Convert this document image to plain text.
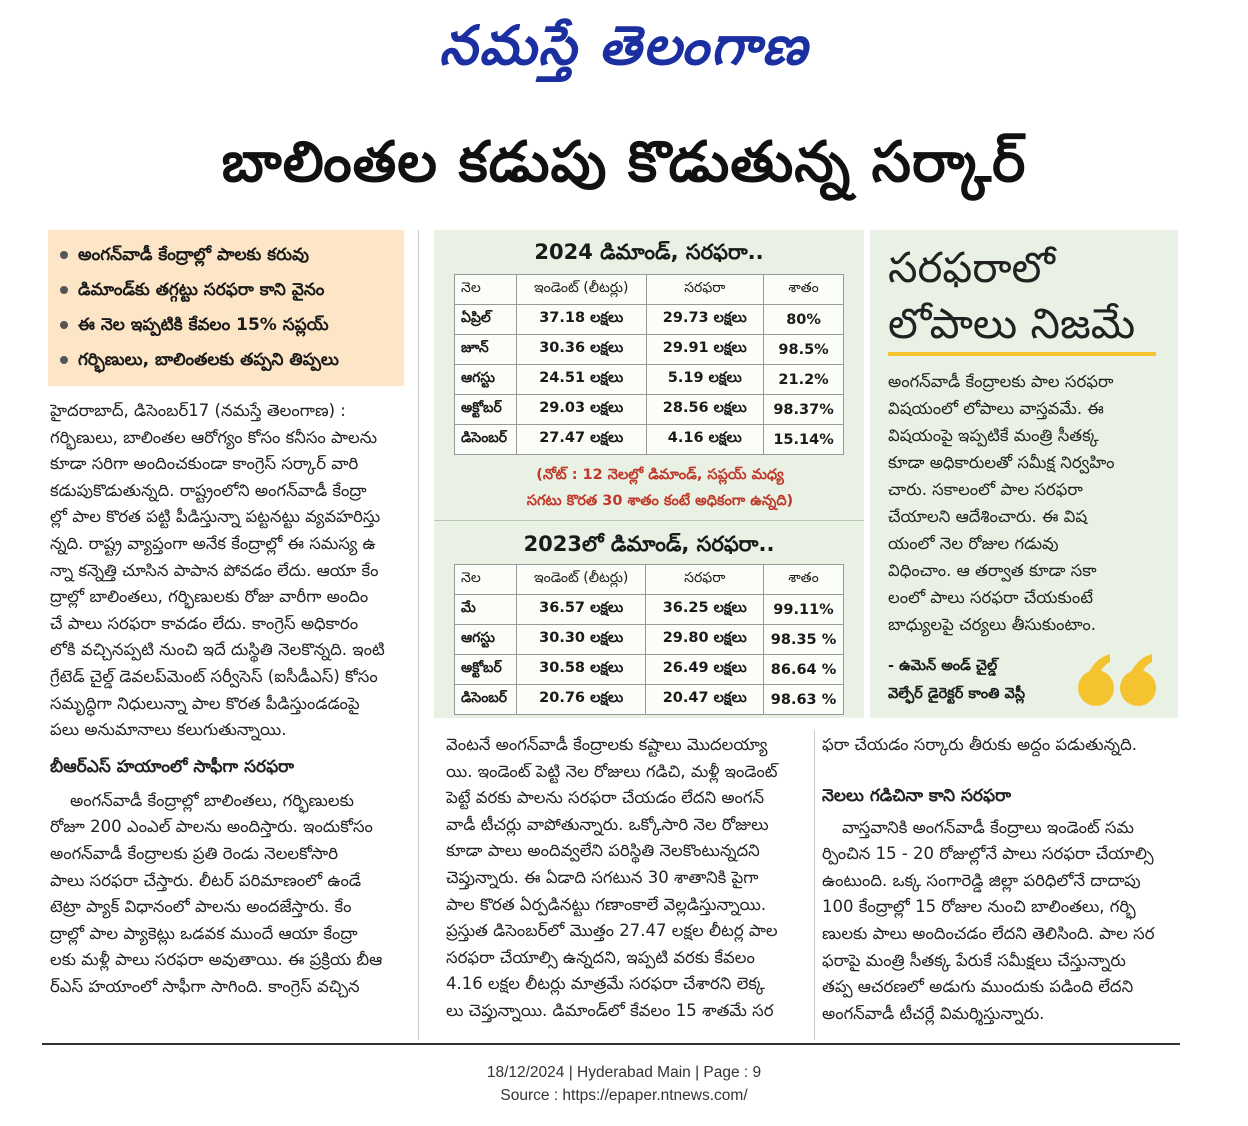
నమస్తే తెలంగాణ
బాలింతల కడుపు కొడుతున్న సర్కార్
అంగన్‌వాడీ కేంద్రాల్లో పాలకు కరువు
డిమాండ్‌కు తగ్గట్టు సరఫరా కాని వైనం
ఈ నెల ఇప్పటికి కేవలం 15% సప్లయ్
గర్భిణులు, బాలింతలకు తప్పని తిప్పలు
హైదరాబాద్, డిసెంబర్17 (నమస్తే తెలంగాణ) :
గర్భిణులు, బాలింతల ఆరోగ్యం కోసం కనీసం పాలను
కూడా సరిగా అందించకుండా కాంగ్రెస్ సర్కార్ వారి
కడుపుకొడుతున్నది. రాష్ట్రంలోని అంగన్‌వాడీ కేంద్రా
ల్లో పాల కొరత పట్టి పీడిస్తున్నా పట్టనట్టు వ్యవహరిస్తు
న్నది. రాష్ట్ర వ్యాప్తంగా అనేక కేంద్రాల్లో ఈ సమస్య ఉ
న్నా కన్నెత్తి చూసిన పాపాన పోవడం లేదు. ఆయా కేం
ద్రాల్లో బాలింతలు, గర్భిణులకు రోజు వారీగా అందిం
చే పాలు సరఫరా కావడం లేదు. కాంగ్రెస్ అధికారం
లోకి వచ్చినప్పటి నుంచి ఇదే దుస్థితి నెలకొన్నది. ఇంటి
గ్రేటెడ్ చైల్డ్ డెవలప్‌మెంట్ సర్వీసెస్ (ఐసీడీఎస్) కోసం
సమృద్ధిగా నిధులున్నా పాల కొరత పీడిస్తుండడంపై
పలు అనుమానాలు కలుగుతున్నాయి.
బీఆర్‌ఎస్ హయాంలో సాఫీగా సరఫరా
అంగన్‌వాడీ కేంద్రాల్లో బాలింతలు, గర్భిణులకు
రోజూ 200 ఎంఎల్ పాలను అందిస్తారు. ఇందుకోసం
అంగన్‌వాడీ కేంద్రాలకు ప్రతి రెండు నెలలకోసారి
పాలు సరఫరా చేస్తారు. లీటర్ పరిమాణంలో ఉండే
టెట్రా ప్యాక్ విధానంలో పాలను అందజేస్తారు. కేం
ద్రాల్లో పాల ప్యాకెట్లు ఒడవక ముందే ఆయా కేంద్రా
లకు మళ్లీ పాలు సరఫరా అవుతాయి. ఈ ప్రక్రియ బీఆ
ర్‌ఎస్ హయాంలో సాఫీగా సాగింది. కాంగ్రెస్ వచ్చిన
2024 డిమాండ్, సరఫరా..
నెల	ఇండెంట్ (లీటర్లు)	సరఫరా	శాతం
ఏప్రిల్	37.18 లక్షలు	29.73 లక్షలు	80%
జూన్	30.36 లక్షలు	29.91 లక్షలు	98.5%
ఆగస్టు	24.51 లక్షలు	5.19 లక్షలు	21.2%
అక్టోబర్	29.03 లక్షలు	28.56 లక్షలు	98.37%
డిసెంబర్	27.47 లక్షలు	4.16 లక్షలు	15.14%
(నోట్ : 12 నెలల్లో డిమాండ్, సప్లయ్ మధ్య
సగటు కొరత 30 శాతం కంటే అధికంగా ఉన్నది)
2023లో డిమాండ్, సరఫరా..
నెల	ఇండెంట్ (లీటర్లు)	సరఫరా	శాతం
మే	36.57 లక్షలు	36.25 లక్షలు	99.11%
ఆగస్టు	30.30 లక్షలు	29.80 లక్షలు	98.35 %
అక్టోబర్	30.58 లక్షలు	26.49 లక్షలు	86.64 %
డిసెంబర్	20.76 లక్షలు	20.47 లక్షలు	98.63 %
సరఫరాలో
లోపాలు నిజమే
అంగన్‌వాడీ కేంద్రాలకు పాల సరఫరా
విషయంలో లోపాలు వాస్తవమే. ఈ
విషయంపై ఇప్పటికే మంత్రి సీతక్క
కూడా అధికారులతో సమీక్ష నిర్వహిం
చారు. సకాలంలో పాల సరఫరా
చేయాలని ఆదేశించారు. ఈ విష
యంలో నెల రోజుల గడువు
విధించాం. ఆ తర్వాత కూడా సకా
లంలో పాలు సరఫరా చేయకుంటే
బాధ్యులపై చర్యలు తీసుకుంటాం.
- ఉమెన్ అండ్ చైల్డ్
వెల్ఫేర్ డైరెక్టర్ కాంతి వెస్లీ
వెంటనే అంగన్‌వాడీ కేంద్రాలకు కష్టాలు మొదలయ్యా
యి. ఇండెంట్ పెట్టి నెల రోజులు గడిచి, మళ్లీ ఇండెంట్
పెట్టే వరకు పాలను సరఫరా చేయడం లేదని అంగన్
వాడీ టీచర్లు వాపోతున్నారు. ఒక్కోసారి నెల రోజులు
కూడా పాలు అందివ్వలేని పరిస్థితి నెలకొంటున్నదని
చెప్తున్నారు. ఈ ఏడాది సగటున 30 శాతానికి పైగా
పాల కొరత ఏర్పడినట్టు గణాంకాలే వెల్లడిస్తున్నాయి.
ప్రస్తుత డిసెంబర్‌లో మొత్తం 27.47 లక్షల లీటర్ల పాల
సరఫరా చేయాల్సి ఉన్నదని, ఇప్పటి వరకు కేవలం
4.16 లక్షల లీటర్లు మాత్రమే సరఫరా చేశారని లెక్క
లు చెప్తున్నాయి. డిమాండ్‌లో కేవలం 15 శాతమే సర
ఫరా చేయడం సర్కారు తీరుకు అద్దం పడుతున్నది.
నెలలు గడిచినా కాని సరఫరా
వాస్తవానికి అంగన్‌వాడీ కేంద్రాలు ఇండెంట్ సమ
ర్పించిన 15 - 20 రోజుల్లోనే పాలు సరఫరా చేయాల్సి
ఉంటుంది. ఒక్క సంగారెడ్డి జిల్లా పరిధిలోనే దాదాపు
100 కేంద్రాల్లో 15 రోజుల నుంచి బాలింతలు, గర్భి
ణులకు పాలు అందించడం లేదని తెలిసింది. పాల సర
ఫరాపై మంత్రి సీతక్క పేరుకే సమీక్షలు చేస్తున్నారు
తప్ప ఆచరణలో అడుగు ముందుకు పడింది లేదని
అంగన్‌వాడీ టీచర్లే విమర్శిస్తున్నారు.
18/12/2024 | Hyderabad Main | Page : 9
Source : https://epaper.ntnews.com/
